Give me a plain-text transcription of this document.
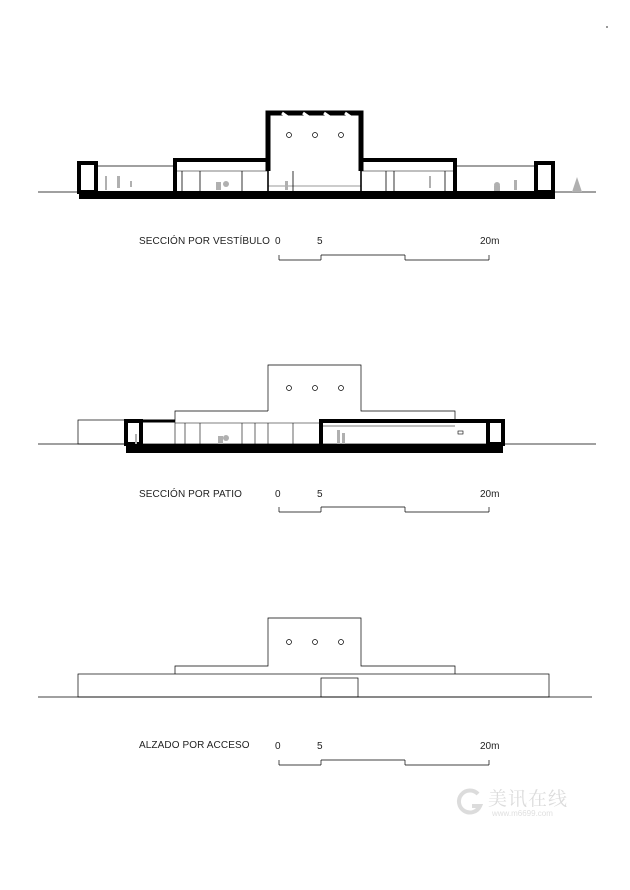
SECCIÓN POR VESTÍBULO 0	5	20m
SECCIÓN POR PATIO	0	5	20m
ALZADO POR ACCESO	0	5	20m
美讯在线
www.m6699.com
